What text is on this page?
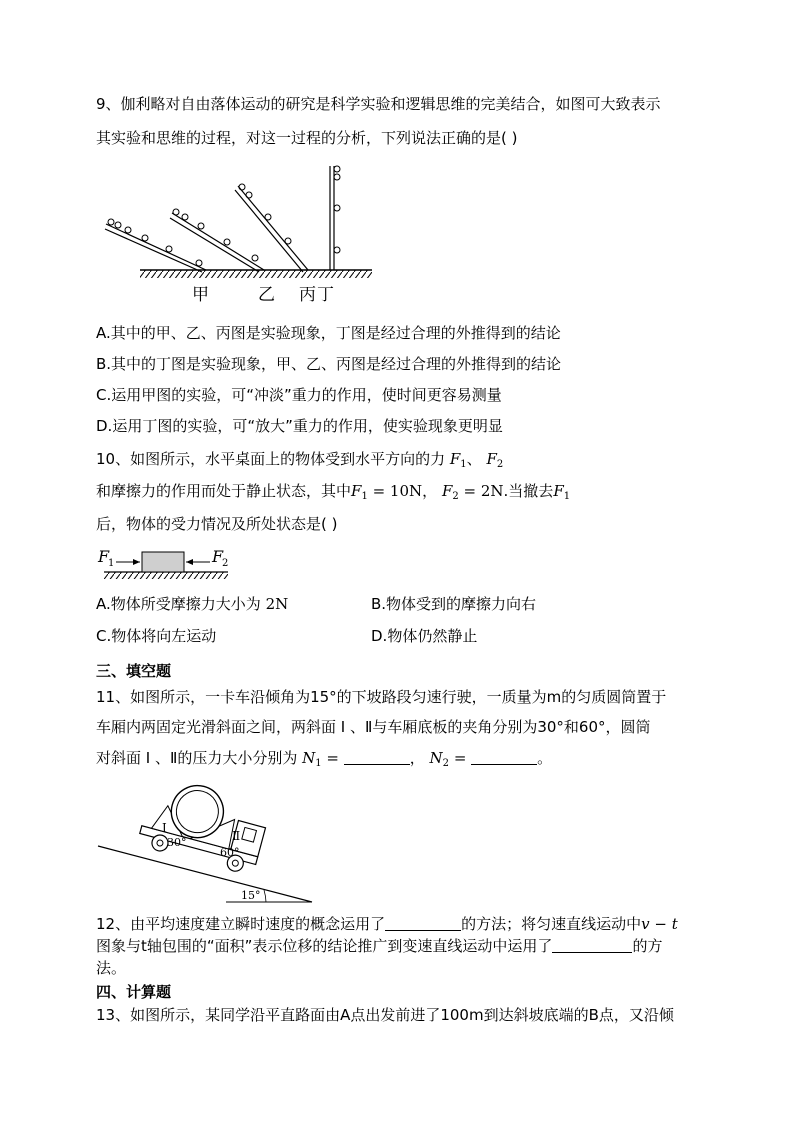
9、伽利略对自由落体运动的研究是科学实验和逻辑思维的完美结合，如图可大致表示
其实验和思维的过程，对这一过程的分析，下列说法正确的是( )
甲	乙 丙 丁
A.其中的甲、乙、丙图是实验现象，丁图是经过合理的外推得到的结论
B.其中的丁图是实验现象，甲、乙、丙图是经过合理的外推得到的结论
C.运用甲图的实验，可“冲淡”重力的作用，使时间更容易测量
D.运用丁图的实验，可“放大”重力的作用，使实验现象更明显
10、如图所示，水平桌面上的物体受到水平方向的力 $F_1$、 $F_2$
和摩擦力的作用而处于静止状态，其中$F_1 = 10N$， $F_2 = 2N$.当撤去$F_1$
后，物体的受力情况及所处状态是( )
F
1	F
2
A.物体所受摩擦力大小为 2N	B.物体受到的摩擦力向右
C.物体将向左运动	D.物体仍然静止
三、填空题
11、如图所示，一卡车沿倾角为15°的下坡路段匀速行驶，一质量为m的匀质圆筒置于
车厢内两固定光滑斜面之间，两斜面 Ⅰ 、Ⅱ与车厢底板的夹角分别为30°和60°，圆筒
对斜面 Ⅰ 、Ⅱ的压力大小分别为 $N_1$ =	， $N_2$ =	。
15°
Ⅰ
30°	Ⅱ
60°
12、由平均速度建立瞬时速度的概念运用了	的方法；将匀速直线运动中v − t
图象与t轴包围的“面积”表示位移的结论推广到变速直线运动中运用了	的方
法。
四、计算题
13、如图所示，某同学沿平直路面由A点出发前进了100m到达斜坡底端的B点，又沿倾
